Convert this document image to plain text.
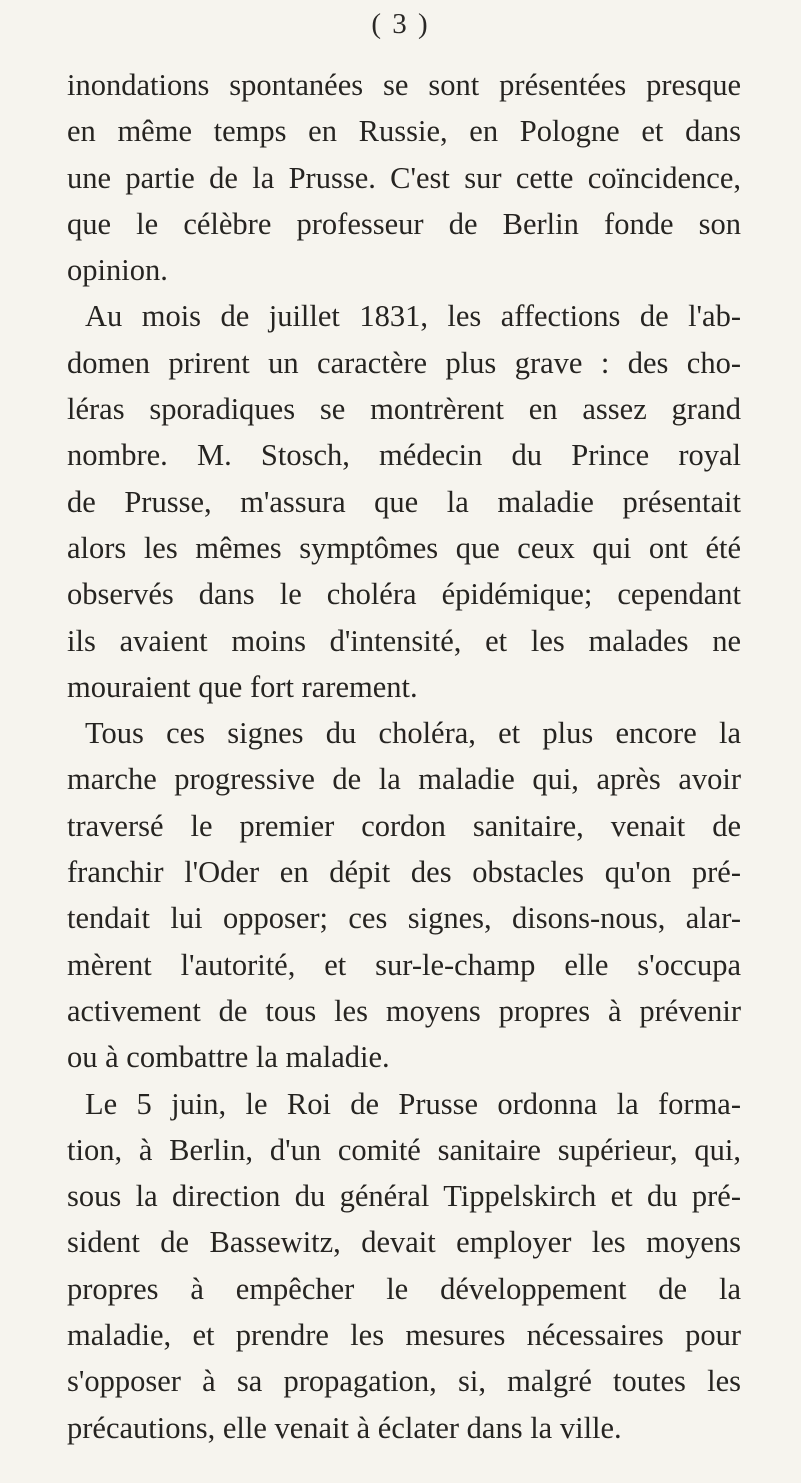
( 3 )
inondations spontanées se sont présentées presque
en même temps en Russie, en Pologne et dans
une partie de la Prusse. C'est sur cette coïncidence,
que le célèbre professeur de Berlin fonde son
opinion.
Au mois de juillet 1831, les affections de l'ab-
domen prirent un caractère plus grave : des cho-
léras sporadiques se montrèrent en assez grand
nombre. M. Stosch, médecin du Prince royal
de Prusse, m'assura que la maladie présentait
alors les mêmes symptômes que ceux qui ont été
observés dans le choléra épidémique; cependant
ils avaient moins d'intensité, et les malades ne
mouraient que fort rarement.
Tous ces signes du choléra, et plus encore la
marche progressive de la maladie qui, après avoir
traversé le premier cordon sanitaire, venait de
franchir l'Oder en dépit des obstacles qu'on pré-
tendait lui opposer; ces signes, disons-nous, alar-
mèrent l'autorité, et sur-le-champ elle s'occupa
activement de tous les moyens propres à prévenir
ou à combattre la maladie.
Le 5 juin, le Roi de Prusse ordonna la forma-
tion, à Berlin, d'un comité sanitaire supérieur, qui,
sous la direction du général Tippelskirch et du pré-
sident de Bassewitz, devait employer les moyens
propres à empêcher le développement de la
maladie, et prendre les mesures nécessaires pour
s'opposer à sa propagation, si, malgré toutes les
précautions, elle venait à éclater dans la ville.
